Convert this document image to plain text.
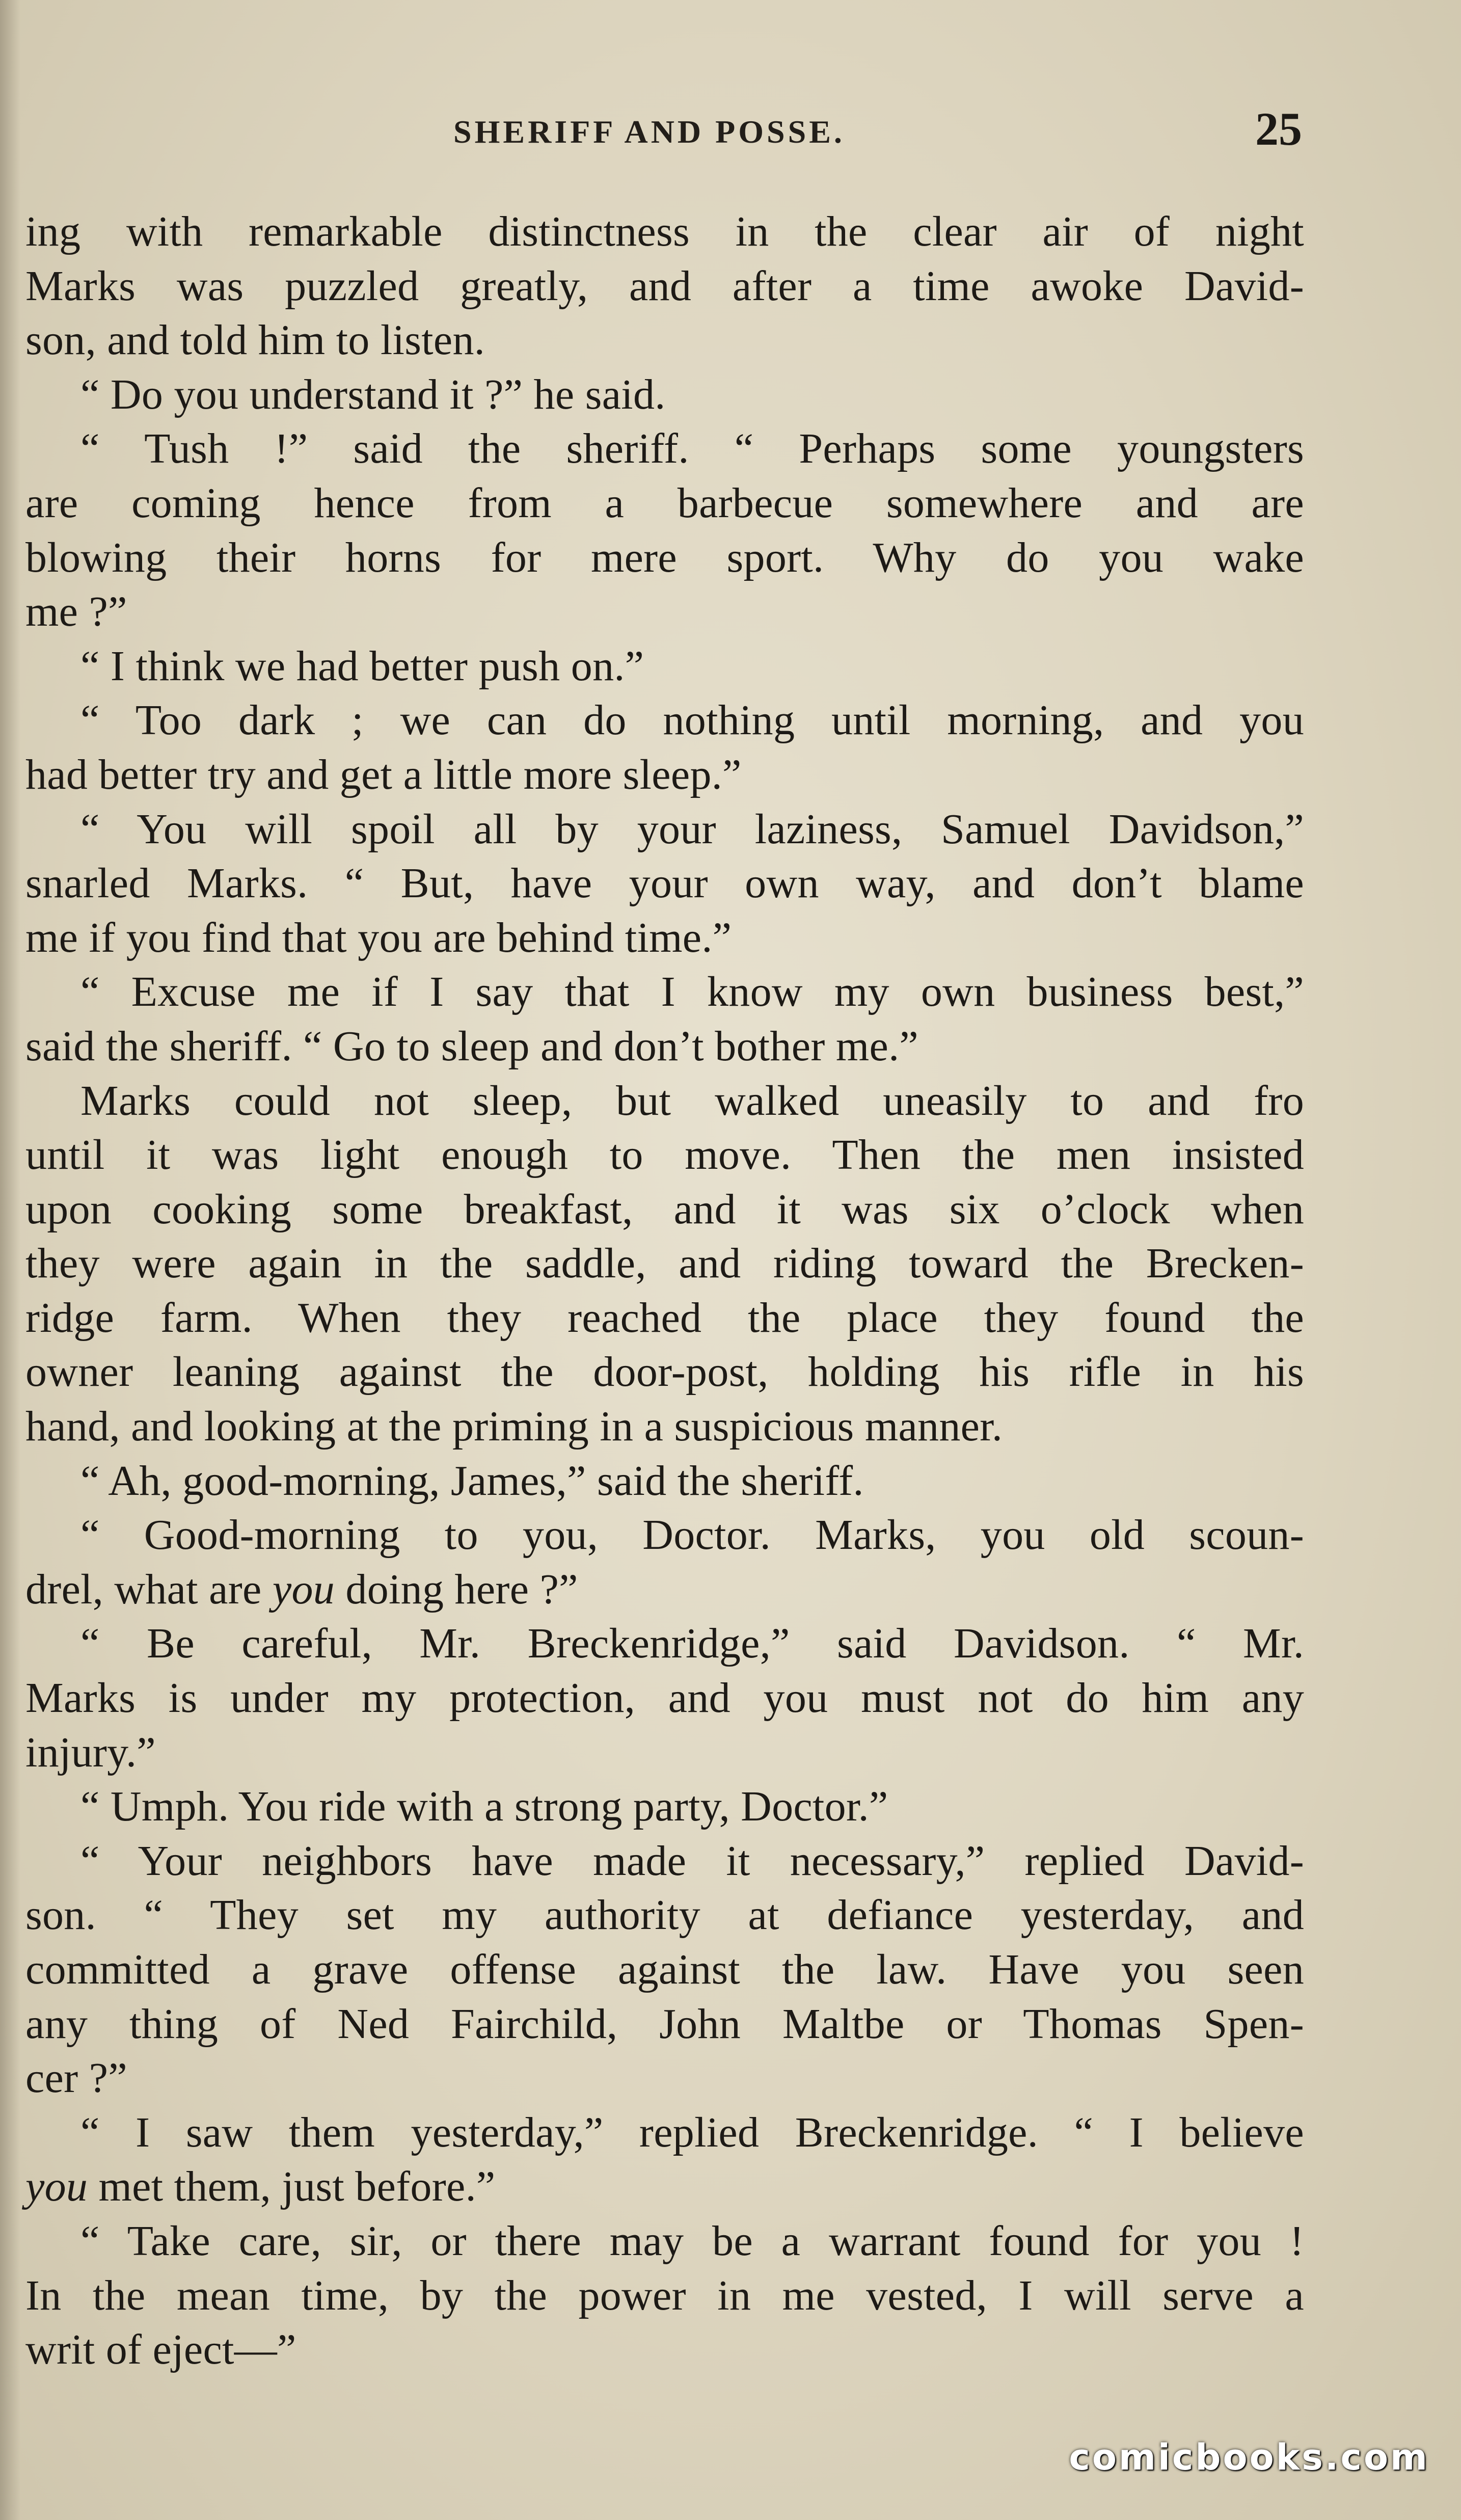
SHERIFF AND POSSE.	25
ing with remarkable distinctness in the clear air of night
Marks was puzzled greatly, and after a time awoke David-
son, and told him to listen.
“ Do you understand it ?” he said.
“ Tush !” said the sheriff. “ Perhaps some youngsters
are coming hence from a barbecue somewhere and are
blowing their horns for mere sport. Why do you wake
me ?”
“ I think we had better push on.”
“ Too dark ; we can do nothing until morning, and you
had better try and get a little more sleep.”
“ You will spoil all by your laziness, Samuel Davidson,”
snarled Marks. “ But, have your own way, and don’t blame
me if you find that you are behind time.”
“ Excuse me if I say that I know my own business best,”
said the sheriff. “ Go to sleep and don’t bother me.”
Marks could not sleep, but walked uneasily to and fro
until it was light enough to move. Then the men insisted
upon cooking some breakfast, and it was six o’clock when
they were again in the saddle, and riding toward the Brecken-
ridge farm. When they reached the place they found the
owner leaning against the door-post, holding his rifle in his
hand, and looking at the priming in a suspicious manner.
“ Ah, good-morning, James,” said the sheriff.
“ Good-morning to you, Doctor. Marks, you old scoun-
drel, what are you doing here ?”
“ Be careful, Mr. Breckenridge,” said Davidson. “ Mr.
Marks is under my protection, and you must not do him any
injury.”
“ Umph. You ride with a strong party, Doctor.”
“ Your neighbors have made it necessary,” replied David-
son. “ They set my authority at defiance yesterday, and
committed a grave offense against the law. Have you seen
any thing of Ned Fairchild, John Maltbe or Thomas Spen-
cer ?”
“ I saw them yesterday,” replied Breckenridge. “ I believe
you met them, just before.”
“ Take care, sir, or there may be a warrant found for you !
In the mean time, by the power in me vested, I will serve a
writ of eject—”
comicbooks.com
